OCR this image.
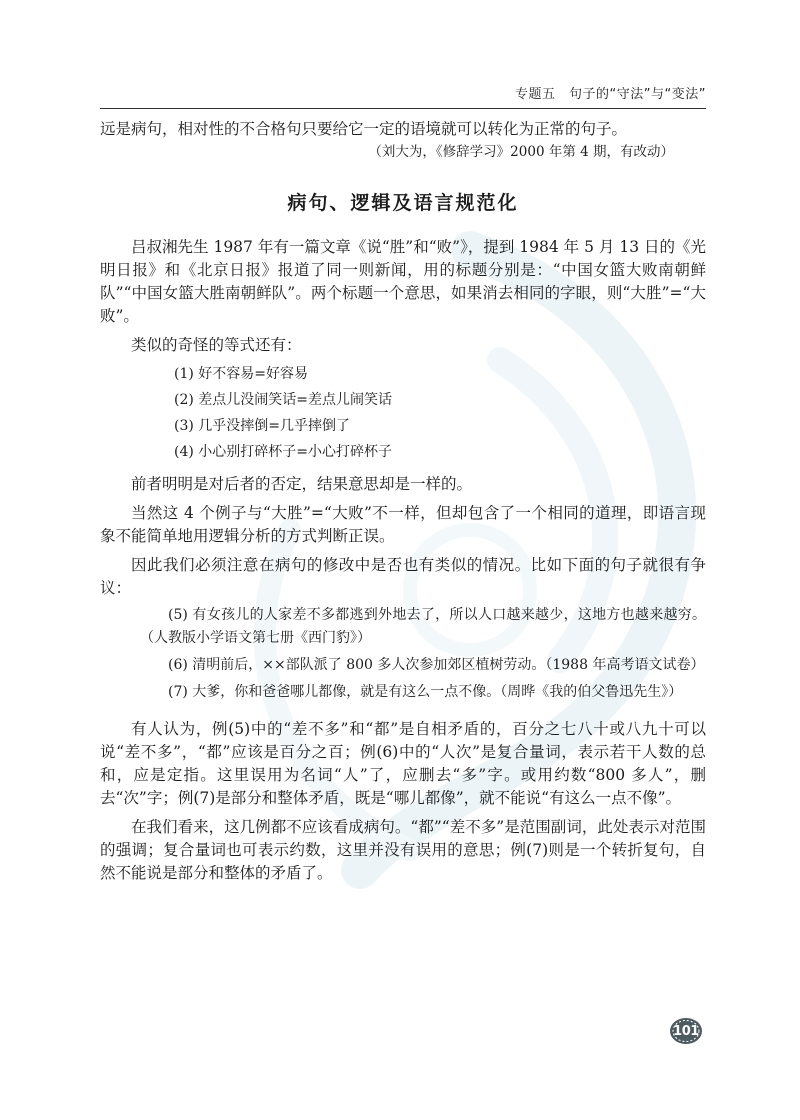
专题五　句子的“守法”与“变法”

远是病句，相对性的不合格句只要给它一定的语境就可以转化为正常的句子。

（刘大为，《修辞学习》2000 年第 4 期，有改动）

病句、逻辑及语言规范化

吕叔湘先生 1987 年有一篇文章《说“胜”和“败”》，提到 1984 年 5 月 13 日的《光明日报》和《北京日报》报道了同一则新闻，用的标题分别是：“中国女篮大败南朝鲜队”“中国女篮大胜南朝鲜队”。两个标题一个意思，如果消去相同的字眼，则“大胜”=“大败”。

类似的奇怪的等式还有：

(1) 好不容易=好容易
(2) 差点儿没闹笑话=差点儿闹笑话
(3) 几乎没摔倒=几乎摔倒了
(4) 小心别打碎杯子=小心打碎杯子

前者明明是对后者的否定，结果意思却是一样的。

当然这 4 个例子与“大胜”=“大败”不一样，但却包含了一个相同的道理，即语言现象不能简单地用逻辑分析的方式判断正误。

因此我们必须注意在病句的修改中是否也有类似的情况。比如下面的句子就很有争议：

(5) 有女孩儿的人家差不多都逃到外地去了，所以人口越来越少，这地方也越来越穷。（人教版小学语文第七册《西门豹》）

(6) 清明前后，××部队派了 800 多人次参加郊区植树劳动。（1988 年高考语文试卷）

(7) 大爹，你和爸爸哪儿都像，就是有这么一点不像。（周晔《我的伯父鲁迅先生》）

有人认为，例(5)中的“差不多”和“都”是自相矛盾的，百分之七八十或八九十可以说“差不多”，“都”应该是百分之百；例(6)中的“人次”是复合量词，表示若干人数的总和，应是定指。这里误用为名词“人”了，应删去“多”字。或用约数“800 多人”，删去“次”字；例(7)是部分和整体矛盾，既是“哪儿都像”，就不能说“有这么一点不像”。

在我们看来，这几例都不应该看成病句。“都”“差不多”是范围副词，此处表示对范围的强调；复合量词也可表示约数，这里并没有误用的意思；例(7)则是一个转折复句，自然不能说是部分和整体的矛盾了。

101
